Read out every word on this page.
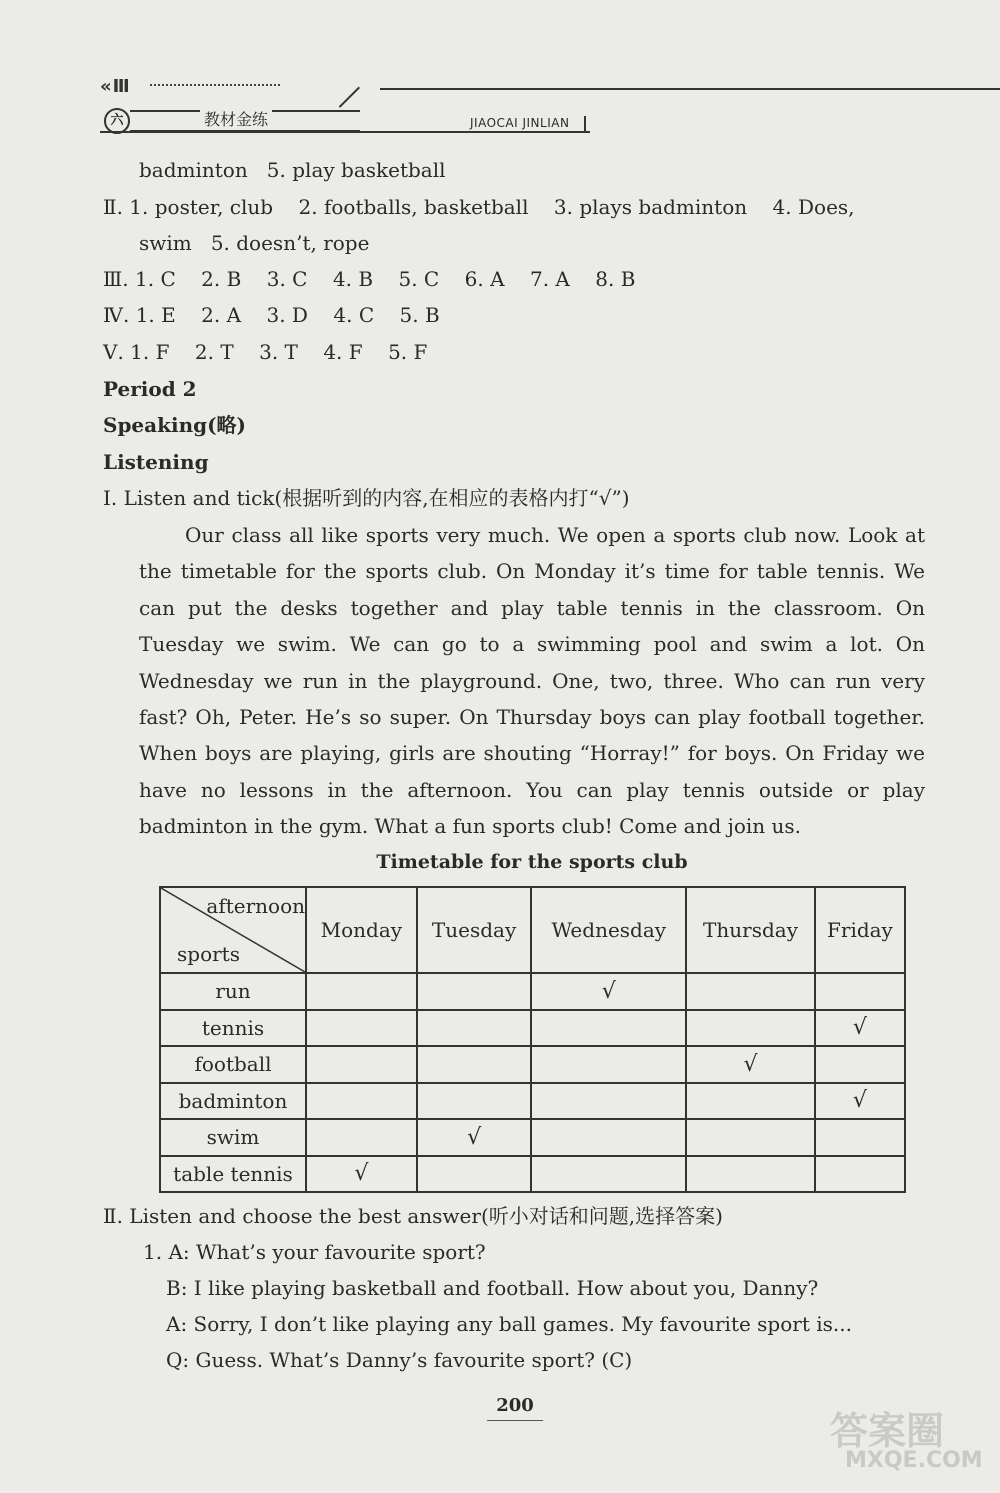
«Ⅲ
六	教材金练	JIAOCAI JINLIAN
badminton   5. play basketball
Ⅱ. 1. poster, club    2. footballs, basketball    3. plays badminton    4. Does,
swim   5. doesn’t, rope
Ⅲ. 1. C    2. B    3. C    4. B    5. C    6. A    7. A    8. B
Ⅳ. 1. E    2. A    3. D    4. C    5. B
Ⅴ. 1. F    2. T    3. T    4. F    5. F
Period 2
Speaking(略)
Listening
Ⅰ. Listen and tick(根据听到的内容,在相应的表格内打“√”)
Our class all like sports very much. We open a sports club now. Look at the timetable for the sports club. On Monday it’s time for table tennis. We can put the desks together and play table tennis in the classroom. On Tuesday we swim. We can go to a swimming pool and swim a lot. On Wednesday we run in the playground. One, two, three. Who can run very fast? Oh, Peter. He’s so super. On Thursday boys can play football together. When boys are playing, girls are shouting “Horray!” for boys. On Friday we have no lessons in the afternoon. You can play tennis outside or play badminton in the gym. What a fun sports club! Come and join us.
Timetable for the sports club
afternoon
sports	Monday	Tuesday	Wednesday	Thursday	Friday
run			√		
tennis					√
football				√	
badminton					√
swim		√			
table tennis	√				
Ⅱ. Listen and choose the best answer(听小对话和问题,选择答案)
1. A: What’s your favourite sport?
B: I like playing basketball and football. How about you, Danny?
A: Sorry, I don’t like playing any ball games. My favourite sport is...
Q: Guess. What’s Danny’s favourite sport? (C)
200
答案圈
MXQE.COM
